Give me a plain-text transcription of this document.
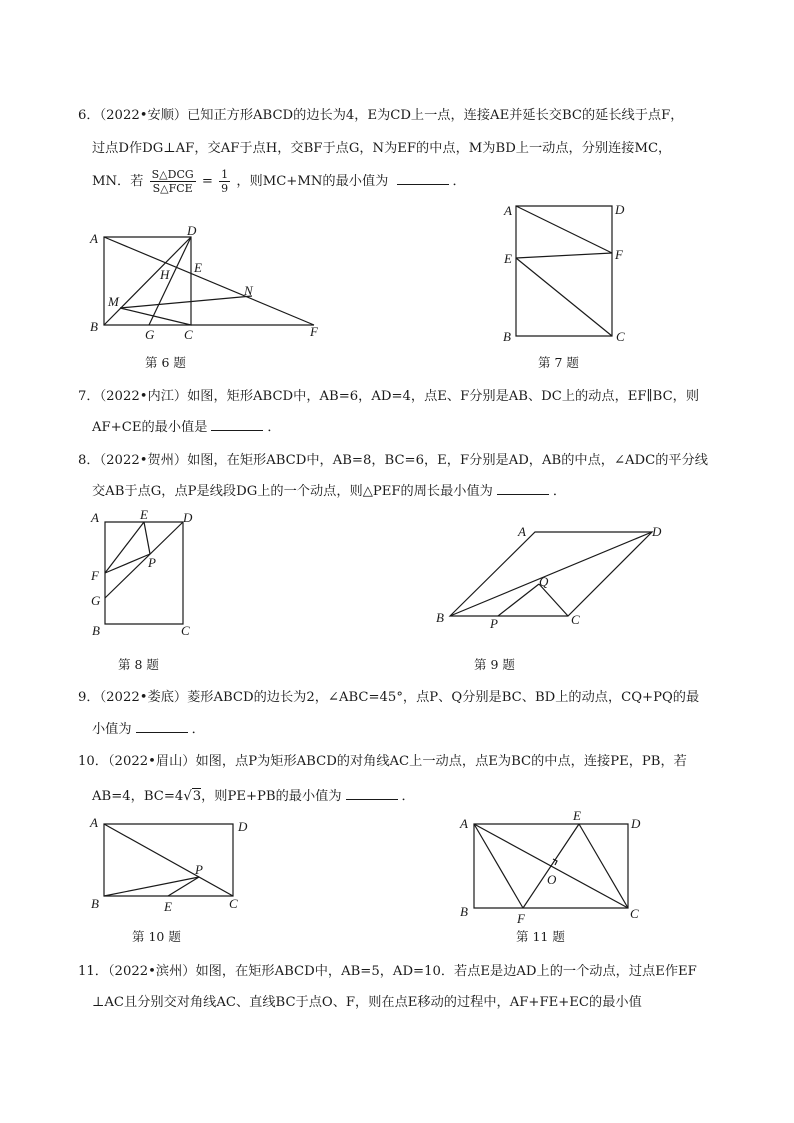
6．（2022•安顺）已知正方形ABCD的边长为4，E为CD上一点，连接AE并延长交BC的延长线于点F，
过点D作DG⊥AF，交AF于点H，交BF于点G，N为EF的中点，M为BD上一动点，分别连接MC，
MN．若 $\frac{\text{S△DCG}}{\text{S△FCE}} = \frac{1}{9}$ ，则MC+MN的最小值为	．
A
D
H E
M
N
B
G C	F
第 6 题
A	D
E	F
B	C
第 7 题
7．（2022•内江）如图，矩形ABCD中，AB=6，AD=4，点E、F分别是AB、DC上的动点，EF∥BC，则
AF+CE的最小值是	．
8．（2022•贺州）如图，在矩形ABCD中，AB=8，BC=6，E，F分别是AD，AB的中点，∠ADC的平分线
交AB于点G，点P是线段DG上的一个动点，则△PEF的周长最小值为	．
A	E	D
F
P
G
B	C
第 8 题
A	D
Q
B	P	C
第 9 题
9．（2022•娄底）菱形ABCD的边长为2，∠ABC=45°，点P、Q分别是BC、BD上的动点，CQ+PQ的最
小值为	．
10．（2022•眉山）如图，点P为矩形ABCD的对角线AC上一动点，点E为BC的中点，连接PE，PB，若
AB=4，BC=4√3，则PE+PB的最小值为	．
A	D
P
B	E	C
第 10 题
A
E
D
O
B	F	C
第 11 题
11．（2022•滨州）如图，在矩形ABCD中，AB=5，AD=10．若点E是边AD上的一个动点，过点E作EF
⊥AC且分别交对角线AC、直线BC于点O、F，则在点E移动的过程中，AF+FE+EC的最小值
